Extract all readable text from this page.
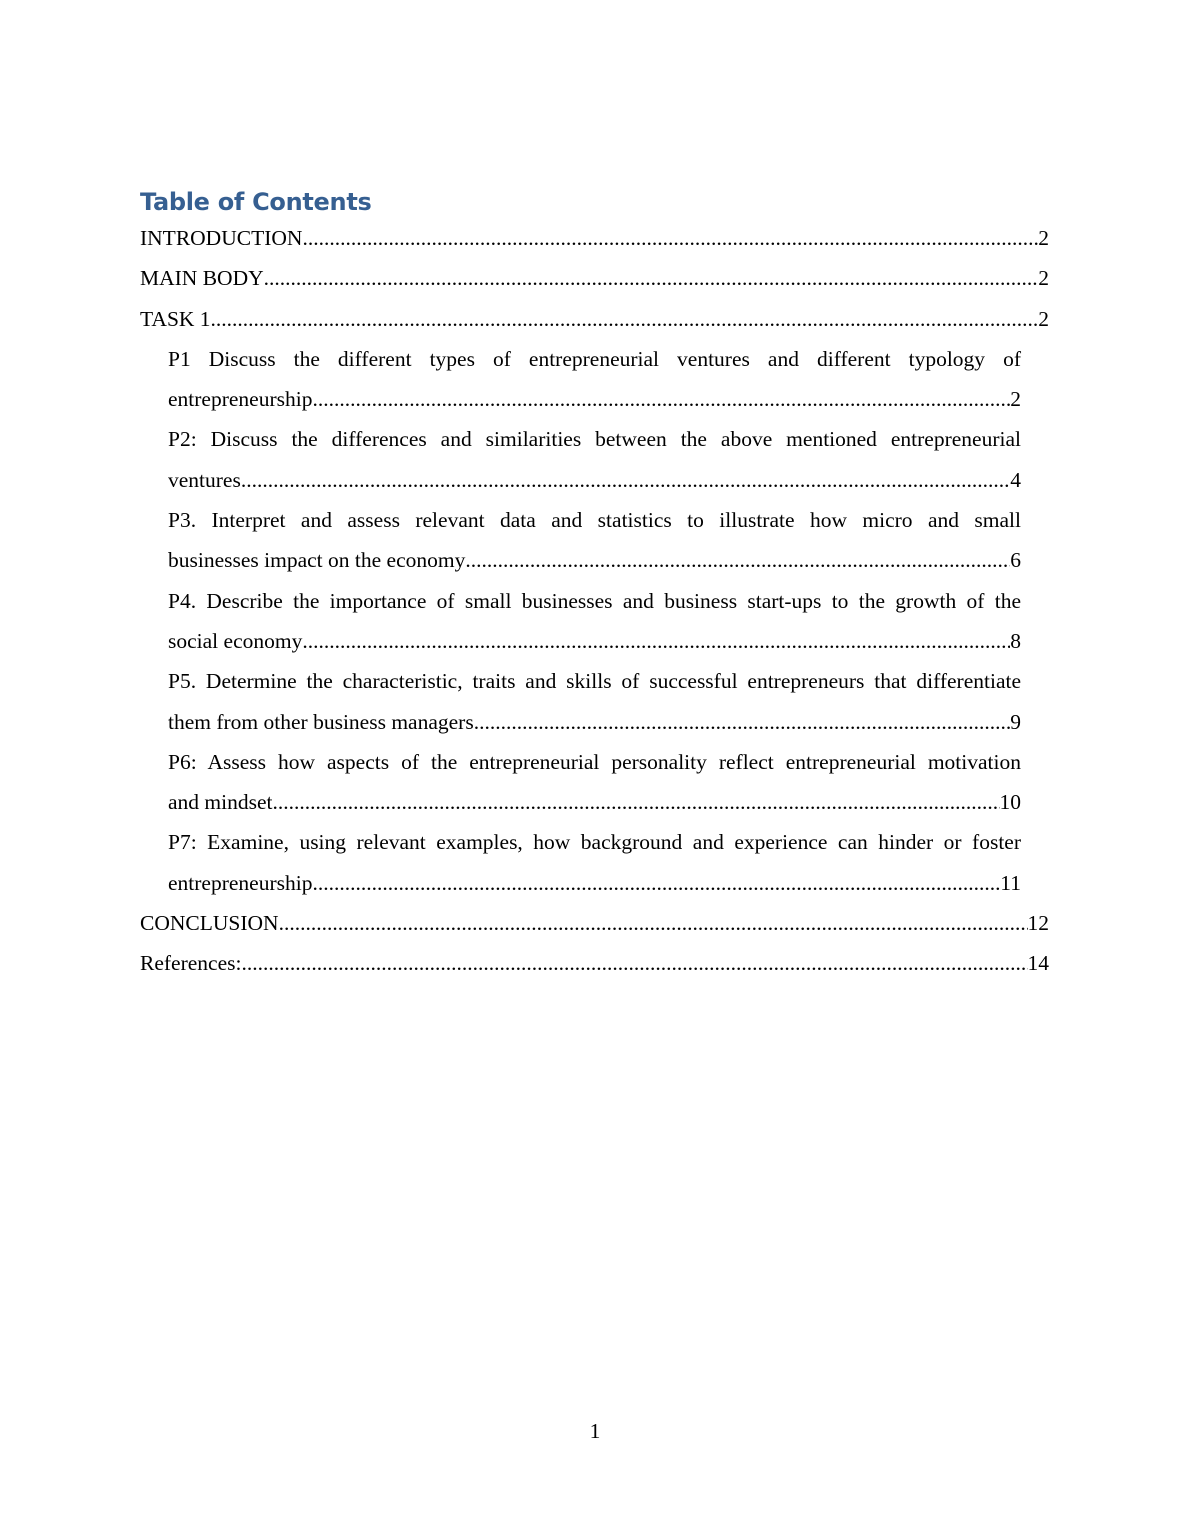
Table of Contents
INTRODUCTION .....	2
MAIN BODY .....	2
TASK 1 .....	2
P1 Discuss the different types of entrepreneurial ventures and different typology of
entrepreneurship .....	2
P2: Discuss the differences and similarities between the above mentioned entrepreneurial
ventures .....	4
P3. Interpret and assess relevant data and statistics to illustrate how micro and small
businesses impact on the economy .....	6
P4. Describe the importance of small businesses and business start-ups to the growth of the
social economy .....	8
P5. Determine the characteristic, traits and skills of successful entrepreneurs that differentiate
them from other business managers .....	9
P6: Assess how aspects of the entrepreneurial personality reflect entrepreneurial motivation
and mindset .....	10
P7: Examine, using relevant examples, how background and experience can hinder or foster
entrepreneurship .....	11
CONCLUSION .....	12
References: .....	14
1
